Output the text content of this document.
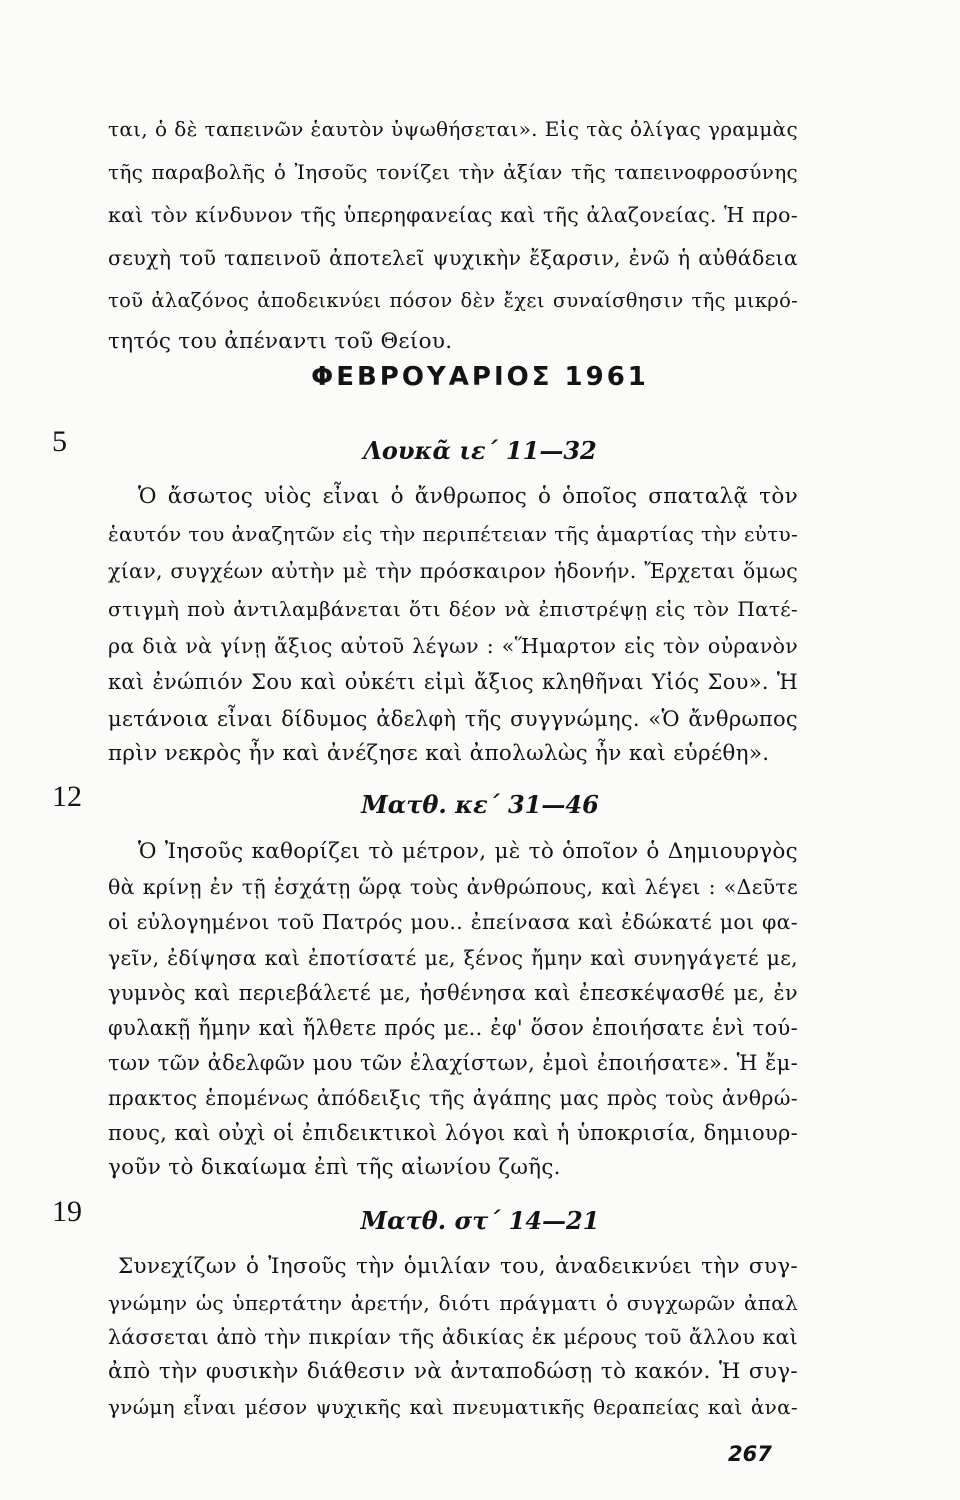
ται, ὁ δὲ ταπεινῶν ἑαυτὸν ὑψωθήσεται». Εἰς τὰς ὀλίγας γραμμὰς
τῆς παραβολῆς ὁ Ἰησοῦς τονίζει τὴν ἀξίαν τῆς ταπεινοφροσύνης
καὶ τὸν κίνδυνον τῆς ὑπερηφανείας καὶ τῆς ἀλαζονείας. Ἡ προ-
σευχὴ τοῦ ταπεινοῦ ἀποτελεῖ ψυχικὴν ἔξαρσιν, ἐνῶ ἡ αὐθάδεια
τοῦ ἀλαζόνος ἀποδεικνύει πόσον δὲν ἔχει συναίσθησιν τῆς μικρό-
τητός του ἀπέναντι τοῦ Θείου.
ΦΕΒΡΟΥΑΡΙΟΣ 1961
5	Λουκᾶ ιε΄ 11—32
Ὁ ἄσωτος υἱὸς εἶναι ὁ ἄνθρωπος ὁ ὁποῖος σπαταλᾷ τὸν
ἑαυτόν του ἀναζητῶν εἰς τὴν περιπέτειαν τῆς ἁμαρτίας τὴν εὐτυ-
χίαν, συγχέων αὐτὴν μὲ τὴν πρόσκαιρον ἡδονήν. Ἔρχεται ὅμως
στιγμὴ ποὺ ἀντιλαμβάνεται ὅτι δέον νὰ ἐπιστρέψῃ εἰς τὸν Πατέ-
ρα διὰ νὰ γίνῃ ἄξιος αὐτοῦ λέγων : «Ἥμαρτον εἰς τὸν οὐρανὸν
καὶ ἐνώπιόν Σου καὶ οὐκέτι εἰμὶ ἄξιος κληθῆναι Υἱός Σου». Ἡ
μετάνοια εἶναι δίδυμος ἀδελφὴ τῆς συγγνώμης. «Ὁ ἄνθρωπος
πρὶν νεκρὸς ἦν καὶ ἀνέζησε καὶ ἀπολωλὼς ἦν καὶ εὑρέθη».
12	Ματθ. κε΄ 31—46
Ὁ Ἰησοῦς καθορίζει τὸ μέτρον, μὲ τὸ ὁποῖον ὁ Δημιουργὸς
θὰ κρίνῃ ἐν τῇ ἐσχάτῃ ὥρᾳ τοὺς ἀνθρώπους, καὶ λέγει : «Δεῦτε
οἱ εὐλογημένοι τοῦ Πατρός μου.. ἐπείνασα καὶ ἐδώκατέ μοι φα-
γεῖν, ἐδίψησα καὶ ἐποτίσατέ με, ξένος ἤμην καὶ συνηγάγετέ με,
γυμνὸς καὶ περιεβάλετέ με, ἠσθένησα καὶ ἐπεσκέψασθέ με, ἐν
φυλακῇ ἤμην καὶ ἤλθετε πρός με.. ἐφ' ὅσον ἐποιήσατε ἑνὶ τού-
των τῶν ἀδελφῶν μου τῶν ἐλαχίστων, ἐμοὶ ἐποιήσατε». Ἡ ἔμ-
πρακτος ἑπομένως ἀπόδειξις τῆς ἀγάπης μας πρὸς τοὺς ἀνθρώ-
πους, καὶ οὐχὶ οἱ ἐπιδεικτικοὶ λόγοι καὶ ἡ ὑποκρισία, δημιουρ-
γοῦν τὸ δικαίωμα ἐπὶ τῆς αἰωνίου ζωῆς.
19	Ματθ. στ΄ 14—21
Συνεχίζων ὁ Ἰησοῦς τὴν ὁμιλίαν του, ἀναδεικνύει τὴν συγ-
γνώμην ὡς ὑπερτάτην ἀρετήν, διότι πράγματι ὁ συγχωρῶν ἀπαλ
λάσσεται ἀπὸ τὴν πικρίαν τῆς ἀδικίας ἐκ μέρους τοῦ ἄλλου καὶ
ἀπὸ τὴν φυσικὴν διάθεσιν νὰ ἀνταποδώσῃ τὸ κακόν. Ἡ συγ-
γνώμη εἶναι μέσον ψυχικῆς καὶ πνευματικῆς θεραπείας καὶ ἀνα-
267
